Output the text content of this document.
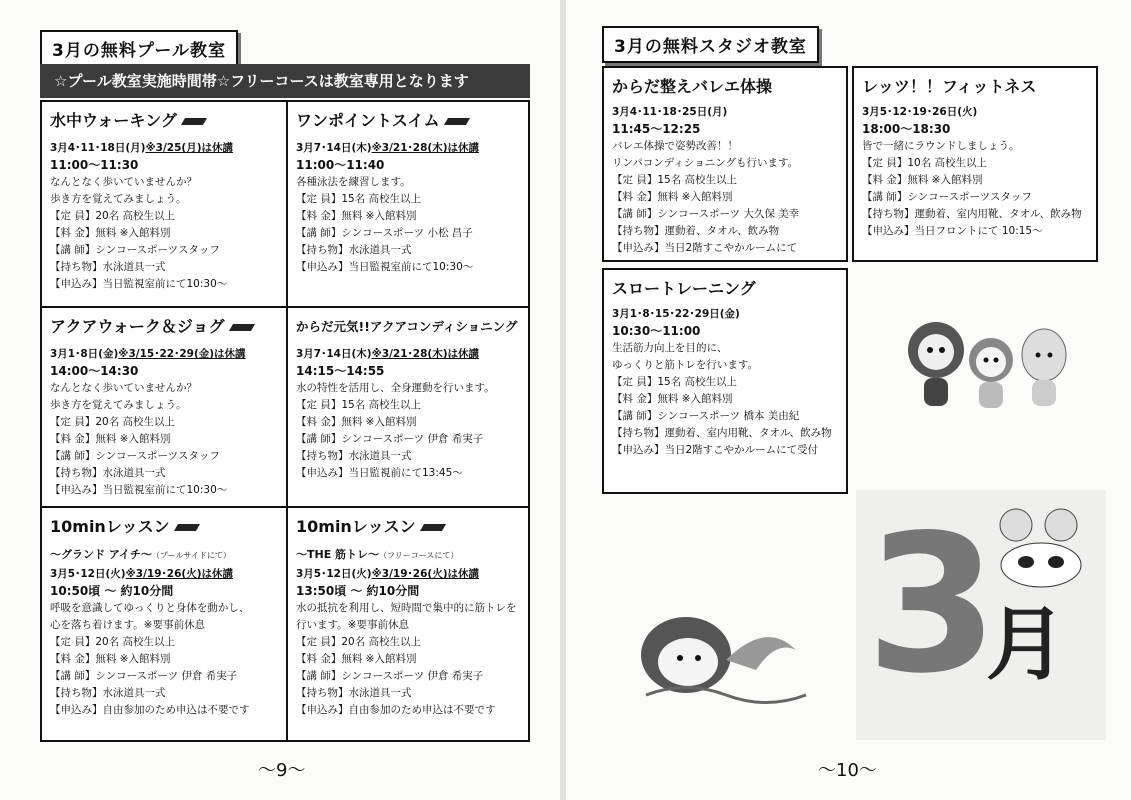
3月の無料プール教室
☆プール教室実施時間帯☆フリーコースは教室専用となります
水中ウォーキング
3月4･11･18日(月)※3/25(月)は休講
11:00～11:30
なんとなく歩いていませんか？
歩き方を覚えてみましょう。
【定 員】20名 高校生以上
【料 金】無料 ※入館料別
【講 師】シンコースポーツスタッフ
【持ち物】水泳道具一式
【申込み】当日監視室前にて10:30～
ワンポイントスイム
3月7･14日(木)※3/21･28(木)は休講
11:00～11:40
各種泳法を練習します。
【定 員】15名 高校生以上
【料 金】無料 ※入館料別
【講 師】シンコースポーツ 小松 昌子
【持ち物】水泳道具一式
【申込み】当日監視室前にて10:30～
アクアウォーク＆ジョグ
3月1･8日(金)※3/15･22･29(金)は休講
14:00～14:30
なんとなく歩いていませんか？
歩き方を覚えてみましょう。
【定 員】20名 高校生以上
【料 金】無料 ※入館料別
【講 師】シンコースポーツスタッフ
【持ち物】水泳道具一式
【申込み】当日監視室前にて10:30～
からだ元気!!アクアコンディショニング
3月7･14日(木)※3/21･28(木)は休講
14:15～14:55
水の特性を活用し、全身運動を行います。
【定 員】15名 高校生以上
【料 金】無料 ※入館料別
【講 師】シンコースポーツ 伊倉 希実子
【持ち物】水泳道具一式
【申込み】当日監視前にて13:45～
10minレッスン
～グランド アイチ～（プールサイドにて）
3月5･12日(火)※3/19･26(火)は休講
10:50頃 ～ 約10分間
呼吸を意識してゆっくりと身体を動かし、
心を落ち着けます。※要事前休息
【定 員】20名 高校生以上
【料 金】無料 ※入館料別
【講 師】シンコースポーツ 伊倉 希実子
【持ち物】水泳道具一式
【申込み】自由参加のため申込は不要です
10minレッスン
～THE 筋トレ～（フリーコースにて）
3月5･12日(火)※3/19･26(火)は休講
13:50頃 ～ 約10分間
水の抵抗を利用し、短時間で集中的に筋トレを
行います。※要事前休息
【定 員】20名 高校生以上
【料 金】無料 ※入館料別
【講 師】シンコースポーツ 伊倉 希実子
【持ち物】水泳道具一式
【申込み】自由参加のため申込は不要です
～9～
3月の無料スタジオ教室
からだ整えバレエ体操
3月4･11･18･25日(月)
11:45～12:25
バレエ体操で姿勢改善！！
リンパコンディショニングも行います。
【定 員】15名 高校生以上
【料 金】無料 ※入館料別
【講 師】シンコースポーツ 大久保 美幸
【持ち物】運動着、タオル、飲み物
【申込み】当日2階すこやかルームにて
レッツ！！フィットネス
3月5･12･19･26日(火)
18:00～18:30
皆で一緒にラウンドしましょう。
【定 員】10名 高校生以上
【料 金】無料 ※入館料別
【講 師】シンコースポーツスタッフ
【持ち物】運動着、室内用靴、タオル、飲み物
【申込み】当日フロントにて 10:15～
スロートレーニング
3月1･8･15･22･29日(金)
10:30～11:00
生活筋力向上を目的に、
ゆっくりと筋トレを行います。
【定 員】15名 高校生以上
【料 金】無料 ※入館料別
【講 師】シンコースポーツ 橋本 美由紀
【持ち物】運動着、室内用靴、タオル、飲み物
【申込み】当日2階すこやかルームにて受付
3
月
～10～
